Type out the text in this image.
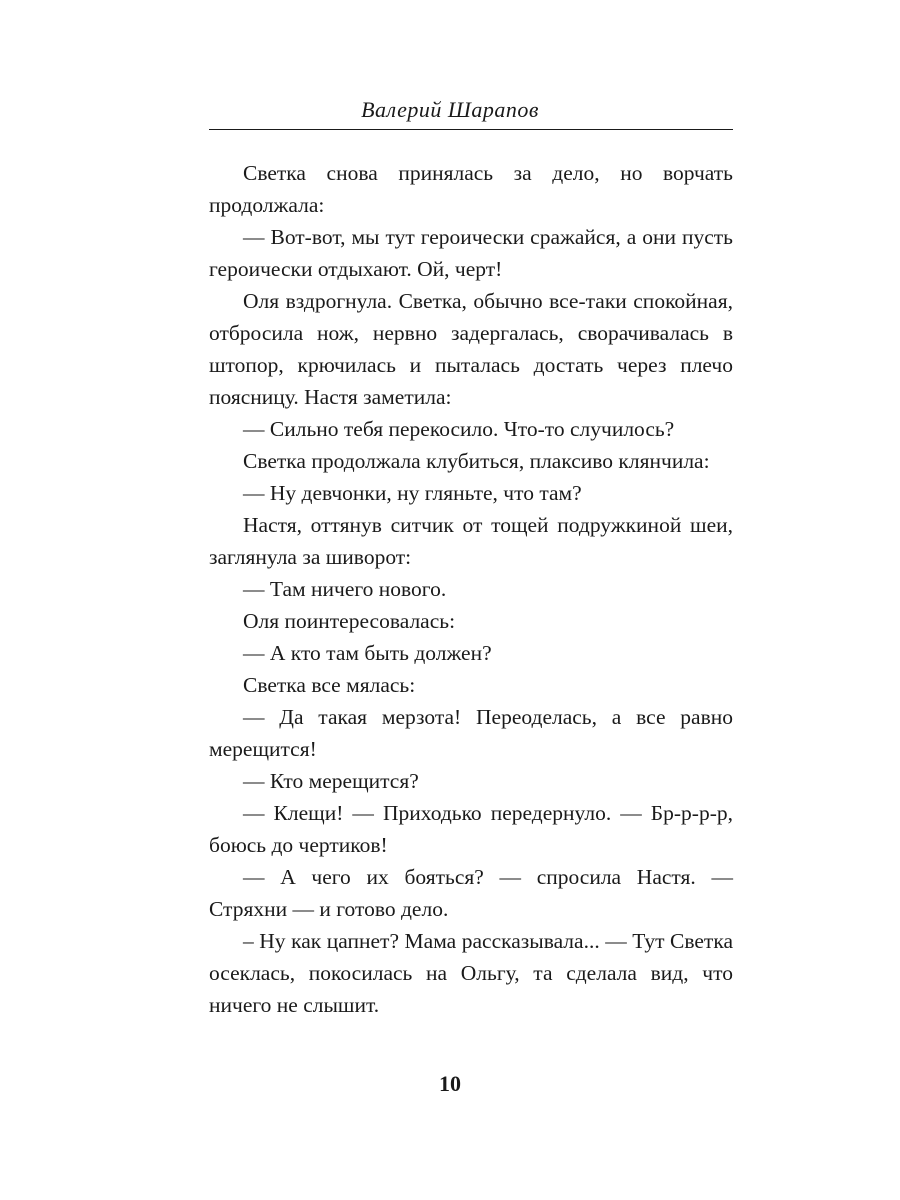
Валерий Шарапов

Светка снова принялась за дело, но ворчать продолжала:

— Вот-вот, мы тут героически сражайся, а они пусть героически отдыхают. Ой, черт!

Оля вздрогнула. Светка, обычно все-таки спокойная, отбросила нож, нервно задергалась, сворачивалась в штопор, крючилась и пыталась достать через плечо поясницу. Настя заметила:

— Сильно тебя перекосило. Что-то случилось?

Светка продолжала клубиться, плаксиво клянчила:

— Ну девчонки, ну гляньте, что там?

Настя, оттянув ситчик от тощей подружкиной шеи, заглянула за шиворот:

— Там ничего нового.

Оля поинтересовалась:

— А кто там быть должен?

Светка все мялась:

— Да такая мерзота! Переоделась, а все равно мерещится!

— Кто мерещится?

— Клещи! — Приходько передернуло. — Бр-р-р-р, боюсь до чертиков!

— А чего их бояться? — спросила Настя. — Стряхни — и готово дело.

– Ну как цапнет? Мама рассказывала... — Тут Светка осеклась, покосилась на Ольгу, та сделала вид, что ничего не слышит.

10
